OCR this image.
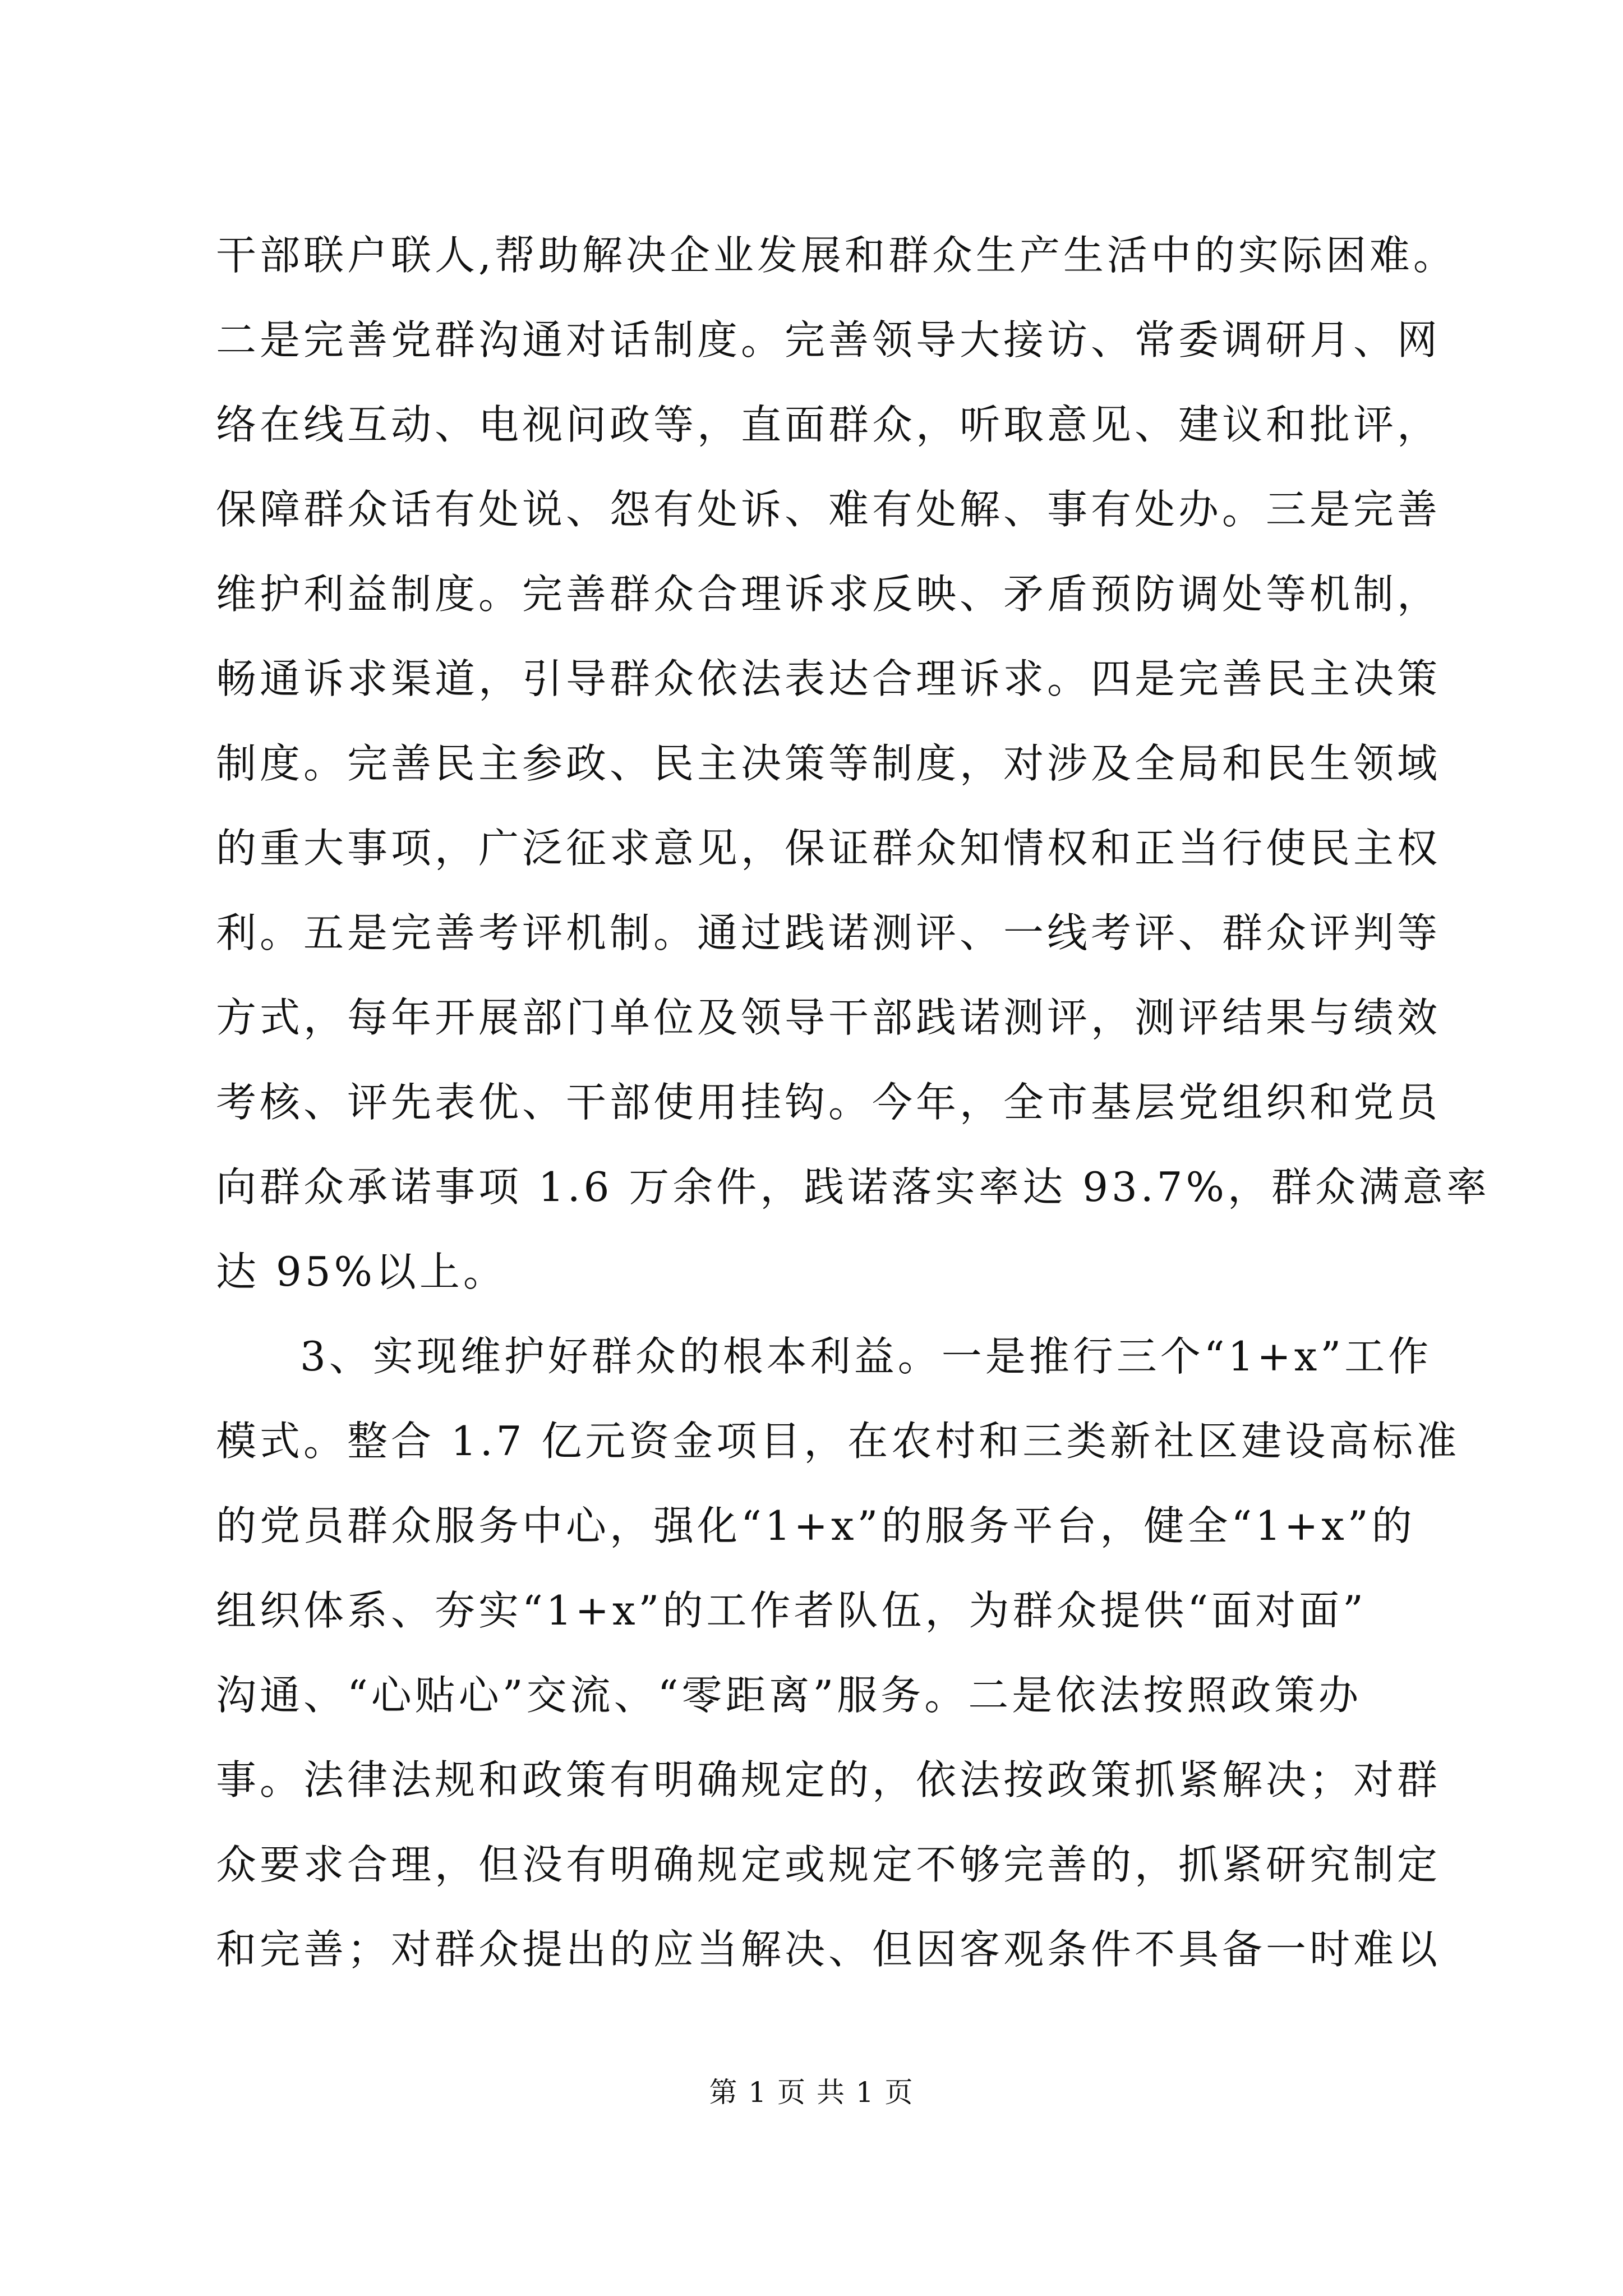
干部联户联人,帮助解决企业发展和群众生产生活中的实际困难。
二是完善党群沟通对话制度。完善领导大接访、常委调研月、网
络在线互动、电视问政等，直面群众，听取意见、建议和批评，
保障群众话有处说、怨有处诉、难有处解、事有处办。三是完善
维护利益制度。完善群众合理诉求反映、矛盾预防调处等机制，
畅通诉求渠道，引导群众依法表达合理诉求。四是完善民主决策
制度。完善民主参政、民主决策等制度，对涉及全局和民生领域
的重大事项，广泛征求意见，保证群众知情权和正当行使民主权
利。五是完善考评机制。通过践诺测评、一线考评、群众评判等
方式，每年开展部门单位及领导干部践诺测评，测评结果与绩效
考核、评先表优、干部使用挂钩。今年，全市基层党组织和党员
向群众承诺事项 1.6 万余件，践诺落实率达 93.7%，群众满意率
达 95%以上。
3、实现维护好群众的根本利益。一是推行三个“1+x”工作
模式。整合 1.7 亿元资金项目，在农村和三类新社区建设高标准
的党员群众服务中心，强化“1+x”的服务平台，健全“1+x”的
组织体系、夯实“1+x”的工作者队伍，为群众提供“面对面”
沟通、“心贴心”交流、“零距离”服务。二是依法按照政策办
事。法律法规和政策有明确规定的，依法按政策抓紧解决；对群
众要求合理，但没有明确规定或规定不够完善的，抓紧研究制定
和完善；对群众提出的应当解决、但因客观条件不具备一时难以
第 1 页 共 1 页
